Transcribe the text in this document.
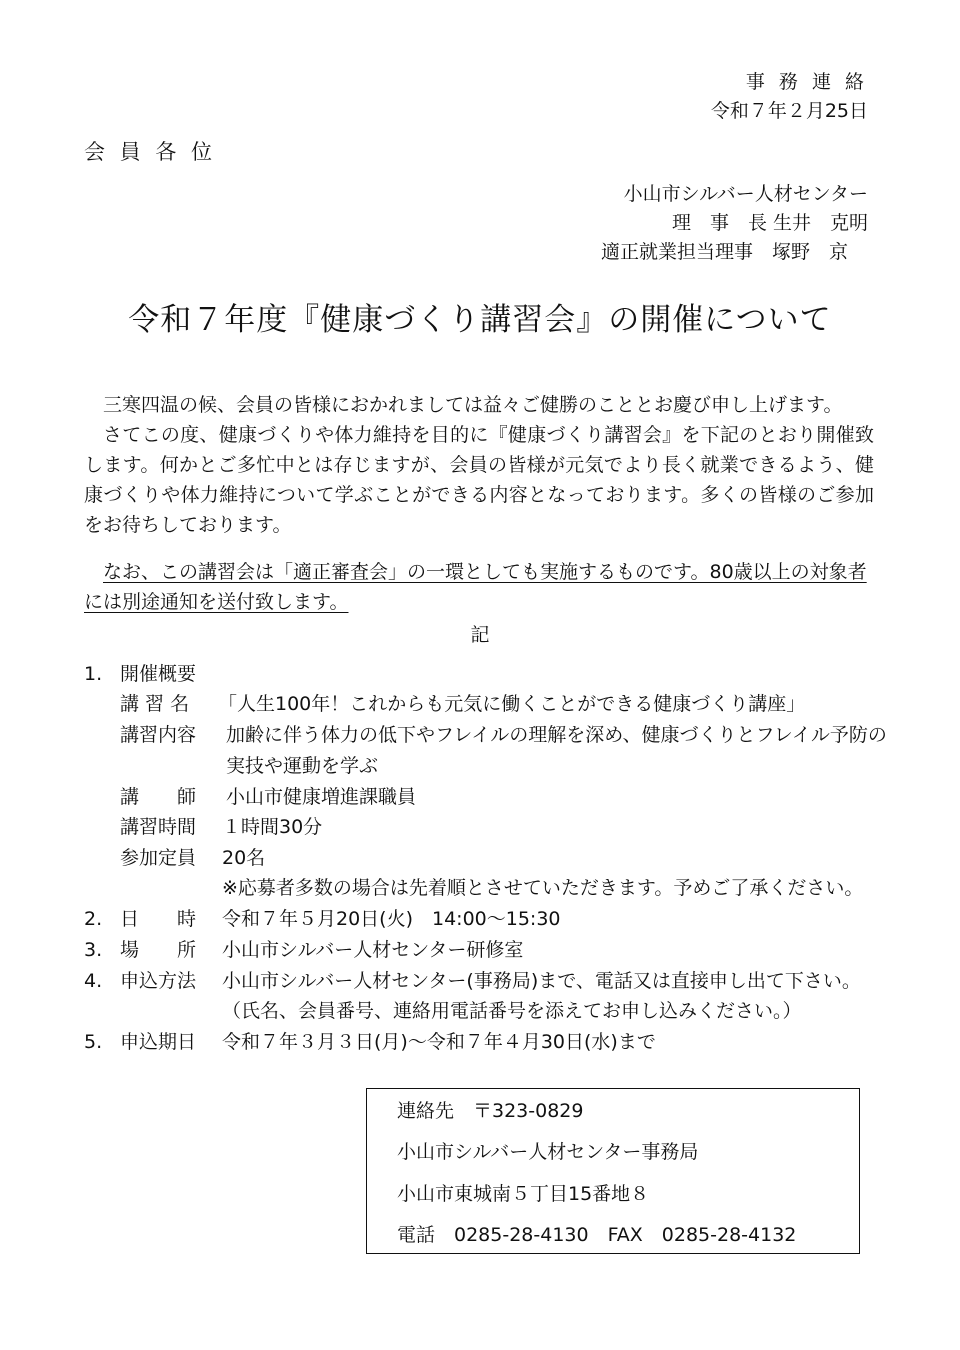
事 務 連 絡
令和７年２月25日
会 員 各 位
小山市シルバー人材センター
理　事　長 生井　克明
適正就業担当理事　塚野　京
令和７年度『健康づくり講習会』の開催について

三寒四温の候、会員の皆様におかれましては益々ご健勝のこととお慶び申し上げます。

さてこの度、健康づくりや体力維持を目的に『健康づくり講習会』を下記のとおり開催致します。何かとご多忙中とは存じますが、会員の皆様が元気でより長く就業できるよう、健康づくりや体力維持について学ぶことができる内容となっております。多くの皆様のご参加をお待ちしております。

なお、この講習会は「適正審査会」の一環としても実施するものです。80歳以上の対象者には別途通知を送付致します。
記
1. 開催概要
講 習 名 「人生100年！これからも元気に働くことができる健康づくり講座」
講習内容 加齢に伴う体力の低下やフレイルの理解を深め、健康づくりとフレイル予防の
実技や運動を学ぶ
講　　師 小山市健康増進課職員
講習時間 １時間30分
参加定員 20名
※応募者多数の場合は先着順とさせていただきます。予めご了承ください。
2. 日　　時 令和７年５月20日(火)　14:00～15:30
3. 場　　所 小山市シルバー人材センター研修室
4. 申込方法 小山市シルバー人材センター(事務局)まで、電話又は直接申し出て下さい。
（氏名、会員番号、連絡用電話番号を添えてお申し込みください。）
5. 申込期日 令和７年３月３日(月)～令和７年４月30日(水)まで
連絡先　〒323-0829
小山市シルバー人材センター事務局
小山市東城南５丁目15番地８
電話　0285-28-4130　FAX　0285-28-4132
